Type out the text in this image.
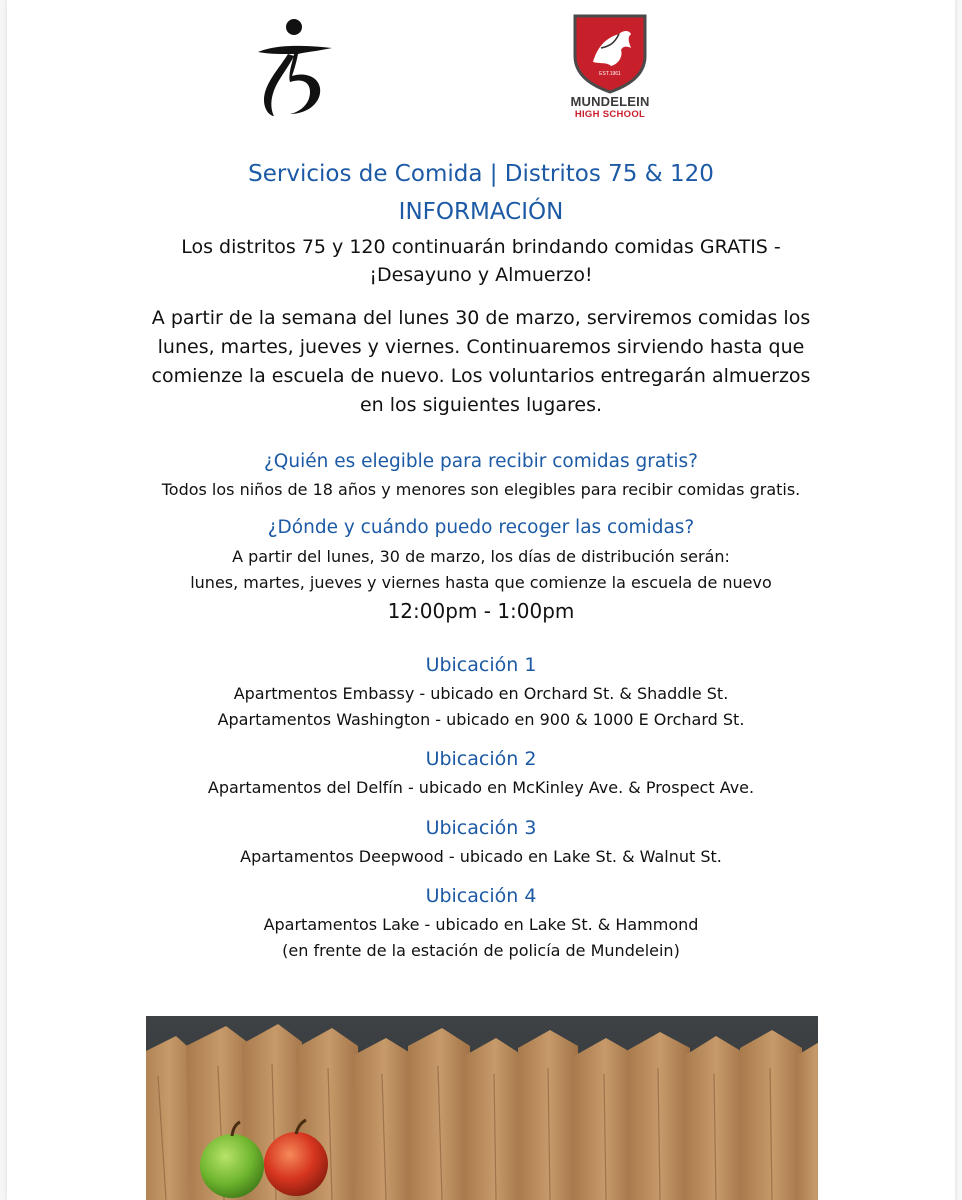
EST.1961
MUNDELEIN
HIGH SCHOOL
Servicios de Comida | Distritos 75 & 120
INFORMACIÓN
Los distritos 75 y 120 continuarán brindando comidas GRATIS -
¡Desayuno y Almuerzo!
A partir de la semana del lunes 30 de marzo, serviremos comidas los
lunes, martes, jueves y viernes. Continuaremos sirviendo hasta que
comienze la escuela de nuevo. Los voluntarios entregarán almuerzos
en los siguientes lugares.
¿Quién es elegible para recibir comidas gratis?
Todos los niños de 18 años y menores son elegibles para recibir comidas gratis.
¿Dónde y cuándo puedo recoger las comidas?
A partir del lunes, 30 de marzo, los días de distribución serán:
lunes, martes, jueves y viernes hasta que comienze la escuela de nuevo
12:00pm - 1:00pm
Ubicación 1
Apartmentos Embassy - ubicado en Orchard St. & Shaddle St.
Apartamentos Washington - ubicado en 900 & 1000 E Orchard St.
Ubicación 2
Apartamentos del Delfín - ubicado en McKinley Ave. & Prospect Ave.
Ubicación 3
Apartamentos Deepwood - ubicado en Lake St. & Walnut St.
Ubicación 4
Apartamentos Lake - ubicado en Lake St. & Hammond
(en frente de la estación de policía de Mundelein)
